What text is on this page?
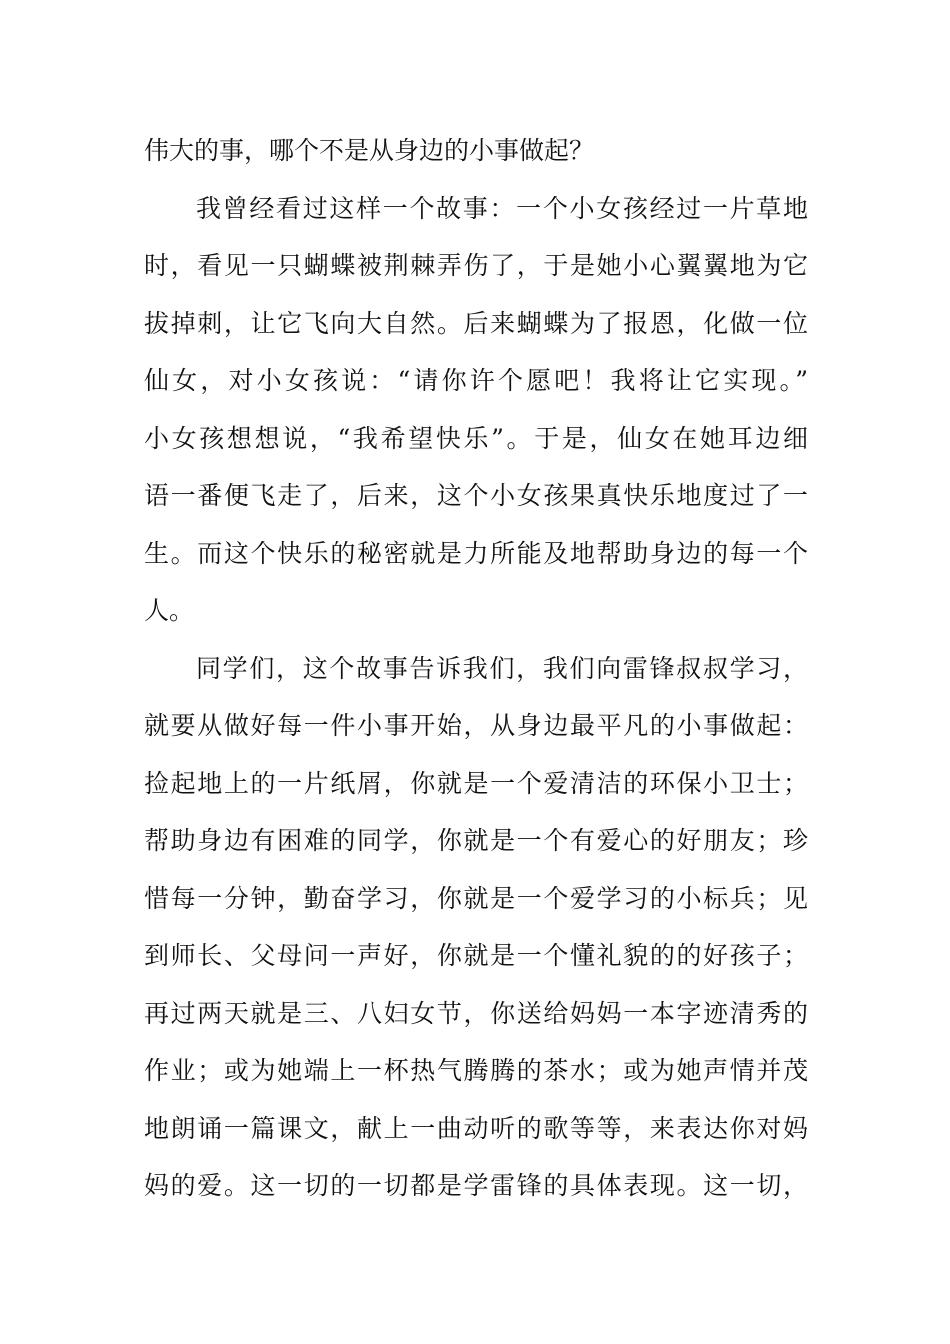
伟大的事，哪个不是从身边的小事做起？
我曾经看过这样一个故事：一个小女孩经过一片草地
时，看见一只蝴蝶被荆棘弄伤了，于是她小心翼翼地为它
拔掉刺，让它飞向大自然。后来蝴蝶为了报恩，化做一位
仙女，对小女孩说：“请你许个愿吧！我将让它实现。”
小女孩想想说，“我希望快乐”。于是，仙女在她耳边细
语一番便飞走了，后来，这个小女孩果真快乐地度过了一
生。而这个快乐的秘密就是力所能及地帮助身边的每一个
人。
同学们，这个故事告诉我们，我们向雷锋叔叔学习，
就要从做好每一件小事开始，从身边最平凡的小事做起：
捡起地上的一片纸屑，你就是一个爱清洁的环保小卫士；
帮助身边有困难的同学，你就是一个有爱心的好朋友；珍
惜每一分钟，勤奋学习，你就是一个爱学习的小标兵；见
到师长、父母问一声好，你就是一个懂礼貌的的好孩子；
再过两天就是三、八妇女节，你送给妈妈一本字迹清秀的
作业；或为她端上一杯热气腾腾的茶水；或为她声情并茂
地朗诵一篇课文，献上一曲动听的歌等等，来表达你对妈
妈的爱。这一切的一切都是学雷锋的具体表现。这一切，
